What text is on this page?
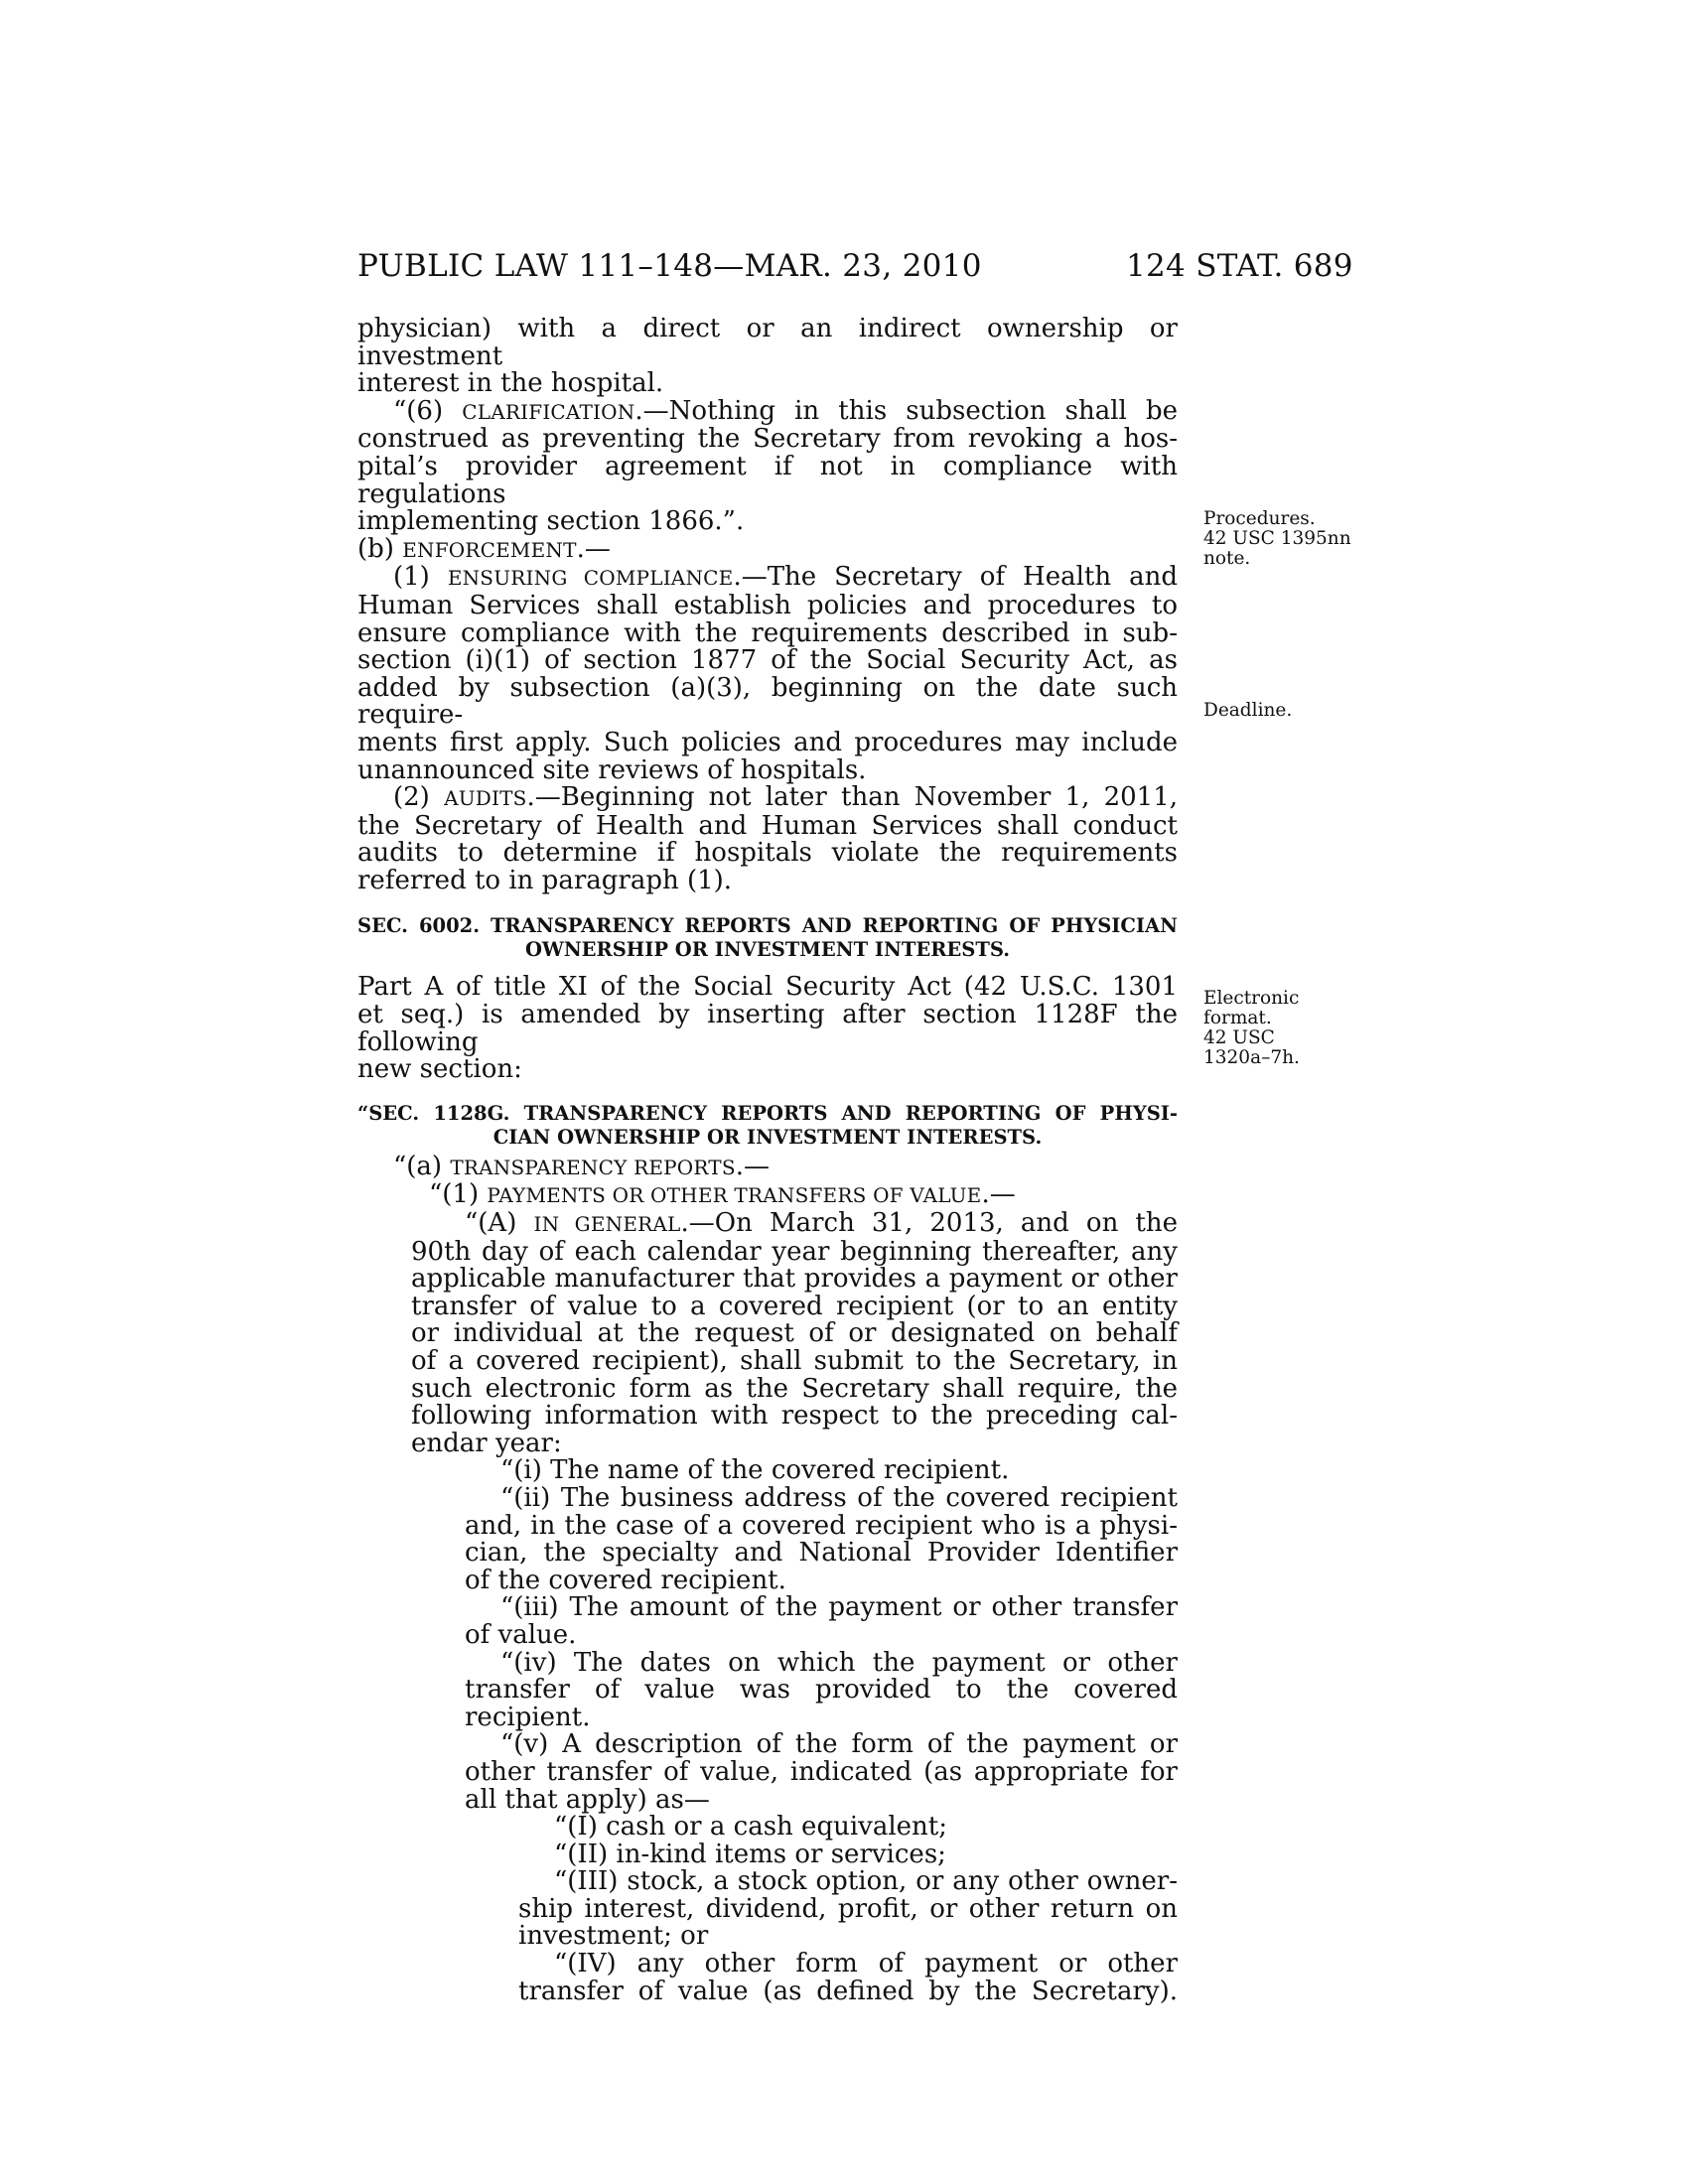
PUBLIC LAW 111–148—MAR. 23, 2010	124 STAT. 689
Procedures.
42 USC 1395nn
note.
Deadline.
Electronic
format.
42 USC
1320a–7h.

physician) with a direct or an indirect ownership or investment

interest in the hospital.

“(6) CLARIFICATION.—Nothing in this subsection shall be

construed as preventing the Secretary from revoking a hos-

pital’s provider agreement if not in compliance with regulations

implementing section 1866.”.

(b) ENFORCEMENT.—

(1) ENSURING COMPLIANCE.—The Secretary of Health and

Human Services shall establish policies and procedures to

ensure compliance with the requirements described in sub-

section (i)(1) of section 1877 of the Social Security Act, as

added by subsection (a)(3), beginning on the date such require-

ments first apply. Such policies and procedures may include

unannounced site reviews of hospitals.

(2) AUDITS.—Beginning not later than November 1, 2011,

the Secretary of Health and Human Services shall conduct

audits to determine if hospitals violate the requirements

referred to in paragraph (1).

SEC. 6002. TRANSPARENCY REPORTS AND REPORTING OF PHYSICIAN
OWNERSHIP OR INVESTMENT INTERESTS.

Part A of title XI of the Social Security Act (42 U.S.C. 1301

et seq.) is amended by inserting after section 1128F the following

new section:

“SEC. 1128G. TRANSPARENCY REPORTS AND REPORTING OF PHYSI-
CIAN OWNERSHIP OR INVESTMENT INTERESTS.

“(a) TRANSPARENCY REPORTS.—

“(1) PAYMENTS OR OTHER TRANSFERS OF VALUE.—

“(A) IN GENERAL.—On March 31, 2013, and on the

90th day of each calendar year beginning thereafter, any

applicable manufacturer that provides a payment or other

transfer of value to a covered recipient (or to an entity

or individual at the request of or designated on behalf

of a covered recipient), shall submit to the Secretary, in

such electronic form as the Secretary shall require, the

following information with respect to the preceding cal-

endar year:

“(i) The name of the covered recipient.

“(ii) The business address of the covered recipient

and, in the case of a covered recipient who is a physi-

cian, the specialty and National Provider Identifier

of the covered recipient.

“(iii) The amount of the payment or other transfer

of value.

“(iv) The dates on which the payment or other

transfer of value was provided to the covered recipient.

“(v) A description of the form of the payment or

other transfer of value, indicated (as appropriate for

all that apply) as—

“(I) cash or a cash equivalent;

“(II) in-kind items or services;

“(III) stock, a stock option, or any other owner-

ship interest, dividend, profit, or other return on

investment; or

“(IV) any other form of payment or other

transfer of value (as defined by the Secretary).
